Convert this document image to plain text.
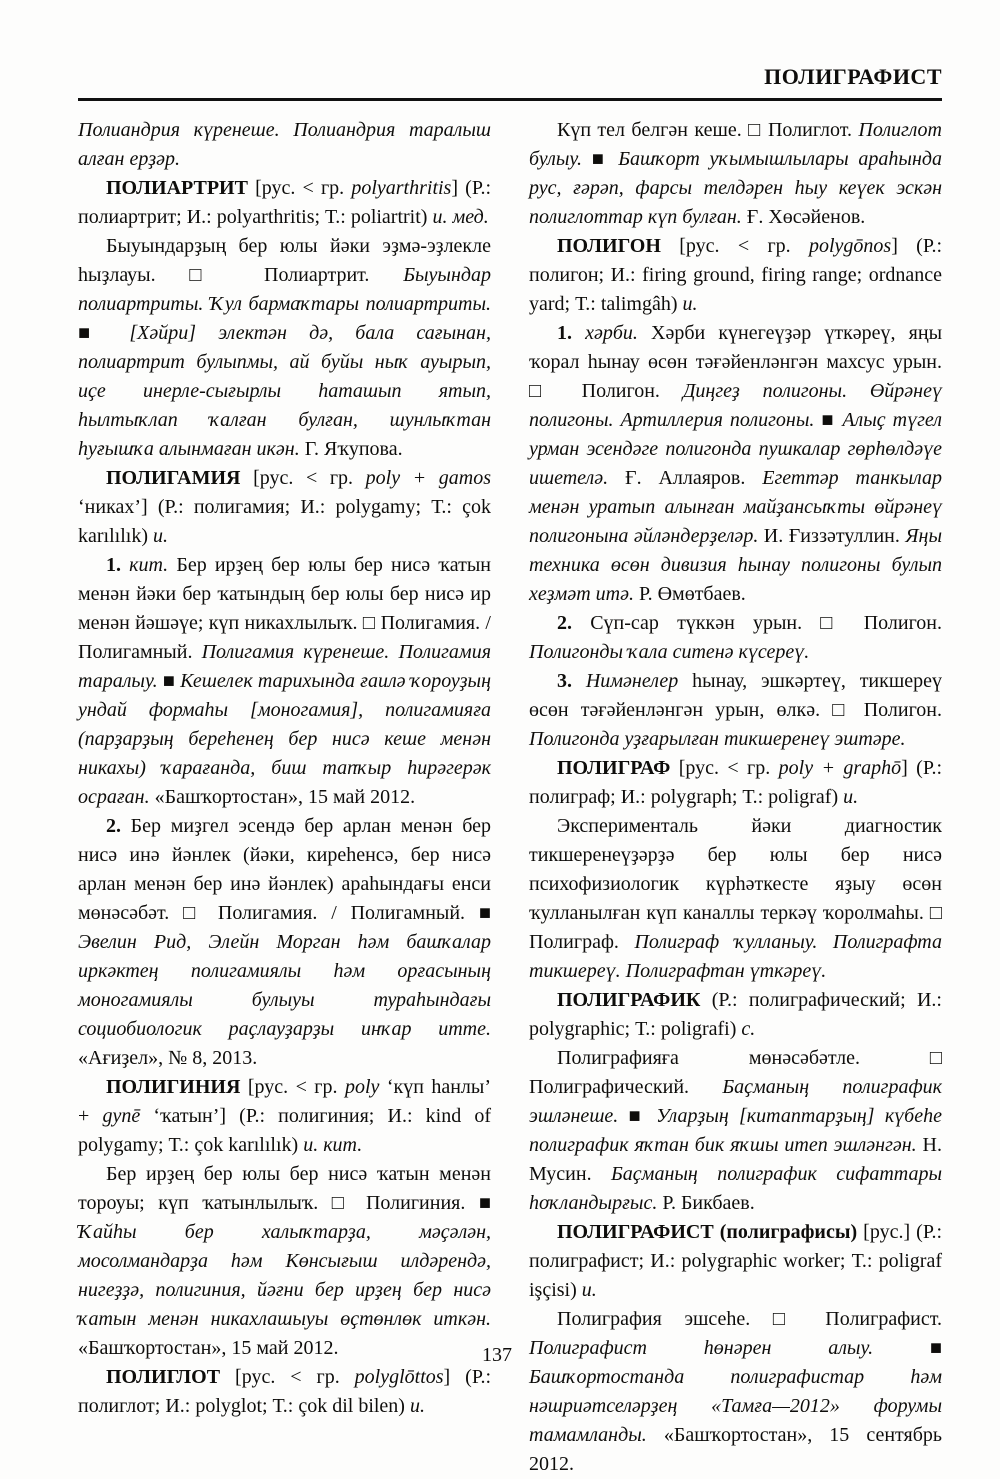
ПОЛИГРАФИСТ

Полиандрия күренеше. Полиандрия таралыш алған ерҙәр.

ПОЛИАРТРИТ [рус. < гр. polyarthritis] (Р.: полиартрит; И.: polyarthritis; Т.: poliartrit) и. мед.

Быуындарҙың бер юлы йәки эҙмә-эҙлекле һыҙлауы. □ Полиартрит. Быуындар полиартриты. Ҡул бармаҡтары полиартриты. ■ [Хәйри] электән дә, бала сағынан, полиартрит булыпмы, ай буйы ныҡ ауырып, иҫе инерле-сығырлы һаташып ятып, һылтыҡлап ҡалған булған, шунлыҡтан һуғышҡа алынмаған икән. Г. Яҡупова.

ПОЛИГАМИЯ [рус. < гр. poly + gamos ‘никах’] (Р.: полигамия; И.: polygamy; Т.: çok karılılık) и.

1. кит. Бер ирҙең бер юлы бер нисә ҡатын менән йәки бер ҡатындың бер юлы бер нисә ир менән йәшәүе; күп никахлылыҡ. □ Полигамия. / Полигамный. Полигамия күренеше. Полигамия таралыу. ■ Кешелек тарихында ғаилә ҡороуҙың ундай формаһы [моногамия], полигамияға (парҙарҙың береһенең бер нисә кеше менән никахы) ҡарағанда, биш тапҡыр һирәгерәк осраған. «Башҡортостан», 15 май 2012.

2. Бер миҙгел эсендә бер арлан менән бер нисә инә йәнлек (йәки, киреһенсә, бер нисә арлан менән бер инә йәнлек) араһындағы енси мөнәсәбәт. □ Полигамия. / Полигамный. ■ Эвелин Рид, Элейн Морган һәм башҡалар иркәктең полигамиялы һәм орғасының моногамиялы булыуы тураһындағы социобиологик раҫлауҙарҙы инҡар итте. «Ағиҙел», № 8, 2013.

ПОЛИГИНИЯ [рус. < гр. poly ‘күп һанлы’ + gynē ‘ҡатын’] (Р.: полигиния; И.: kind of polygamy; Т.: çok karılılık) и. кит.

Бер ирҙең бер юлы бер нисә ҡатын менән тороуы; күп ҡатынлылыҡ. □ Полигиния. ■ Ҡайһы бер халыҡтарҙа, мәҫәлән, мосолмандарҙа һәм Көнсығыш илдәрендә, нигеҙҙә, полигиния, йәғни бер ирҙең бер нисә ҡатын менән никахлашыуы өҫтөнлөк иткән. «Башҡортостан», 15 май 2012.

ПОЛИГЛОТ [рус. < гр. polyglōttos] (Р.: полиглот; И.: polyglot; Т.: çok dil bilen) и.

Күп тел белгән кеше. □ Полиглот. Полиглот булыу. ■ Башҡорт уҡымышлылары араһында рус, ғәрәп, фарсы телдәрен һыу кеүек эскән полиглоттар күп булған. Ғ. Хөсәйенов.

ПОЛИГОН [рус. < гр. polygōnos] (Р.: полигон; И.: firing ground, firing range; ordnance yard; Т.: talimgâh) и.

1. хәрби. Хәрби күнегеүҙәр үткәреү, яңы ҡорал һынау өсөн тәғәйенләнгән махсус урын. □ Полигон. Диңгеҙ полигоны. Өйрәнеү полигоны. Артиллерия полигоны. ■ Алыҫ түгел урман эсендәге полигонда пушкалар гөрһөлдәүе ишетелә. Ғ. Аллаяров. Егеттәр танкылар менән уратып алынған майҙансыҡты өйрәнеү полигонына әйләндерҙеләр. И. Ғиззәтуллин. Яңы техника өсөн дивизия һынау полигоны булып хеҙмәт итә. Р. Өмөтбаев.

2. Сүп-сар түккән урын. □ Полигон. Полигонды ҡала ситенә күсереү.

3. Нимәнелер һынау, эшкәртеү, тикшереү өсөн тәғәйенләнгән урын, өлкә. □ Полигон. Полигонда уҙғарылған тикшеренеү эштәре.

ПОЛИГРАФ [рус. < гр. poly + graphō] (Р.: полиграф; И.: polygraph; Т.: poligraf) и.

Эксперименталь йәки диагностик тикшеренеүҙәрҙә бер юлы бер нисә психофизиологик күрһәткесте яҙыу өсөн ҡулланылған күп каналлы теркәү ҡоролмаһы. □ Полиграф. Полиграф ҡулланыу. Полиграфта тикшереү. Полиграфтан үткәреү.

ПОЛИГРАФИК (Р.: полиграфический; И.: polygraphic; Т.: poligrafi) с.

Полиграфияға мөнәсәбәтле. □ Полиграфический. Баҫманың полиграфик эшләнеше. ■ Уларҙың [китаптарҙың] күбеһе полиграфик яҡтан бик яҡшы итеп эшләнгән. Н. Мусин. Баҫманың полиграфик сифаттары һоҡландырғыс. Р. Бикбаев.

ПОЛИГРАФИСТ (полиграфисы) [рус.] (Р.: полиграфист; И.: polygraphic worker; Т.: poligraf işçisi) и.

Полиграфия эшсеһе. □ Полиграфист. Полиграфист һөнәрен алыу. ■ Башҡортостанда полиграфистар һәм нәшриәтселәрҙең «Тамға—2012» форумы тамамланды. «Башҡортостан», 15 сентябрь 2012.

137
